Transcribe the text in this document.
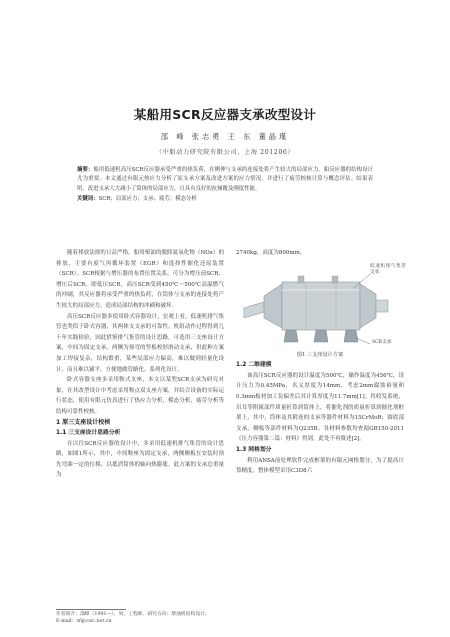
某船用SCR反应器支承改型设计
邵 峰 张志勇 王 东 董晶瑾
（中船动力研究院有限公司，上海 201206）
摘要：船用低速机高压SCR反应器承受严重的热负荷，在侧伸与支承的连接处将产生较大的局部应力。船反应器的结构设计尤为重要。本文通过有限元热应力分析了原支承方案及改进方案的应力情况。并进行了疲劳校核计算与概念评估。结果表明，改进支承大大减小了筒体的局部应力，且具有良好的抗倾覆及刚度性能。
关键词：SCR；局部应力；支承；疲劳；模态分析

随着排放法规的日益严格，船用柴油的脱除氮氧化物（NOx）的排放，主要有废气再循环装置（EGR）和选择性催化还原装置（SCR）。SCR根据与增压器的布置位置关系，可分为增压前SCR、增压后SCR。即低压SCR。高压SCR受到450℃～500℃高温燃气的冲刷，其反应器将承受严重的热负荷，在筒体与支承的连接处将产生较大的局部应力，造成局部结构的冲刷和破坏。

高压SCR反应器多使用卧式容器设计，宏观上看，低速机排气集管也类似于卧式容器，其两体支支承的可靠性。机组动作过程得到几十年实践检验，因此借鉴排气集管的设计思路，可选用三支座设计方案，中间为固定支承，两侧为预弯的竖板校形滑动支承，但此种方案加工焊接复杂，结构繁重，某些局部应力偏高，难以做到轻量化设计，而且难以铺平，方便地做管路化，系列化设计。

卧式容器支座多采用鞍式支座，本文以某型SCR支承为研究对象，在其改型设计中考虑采用鞍点双支座方案，并结合设备的实际运行状态，使用有限元仿真进行了热应力分析，模态分析，疲劳分析等结构可靠性校核。

1 原三支座设计校核

1.1 三支座设计思路分析

在以往SCR反应器的设计中，多采用低速机排气集管的设计思路，如图1所示，其中，中间鞍座为固定支承，两侧侧板在安装时预先弯曲一定的位移，以抵消筒体的轴向热膨胀。此方案的支承总重量为

2740kg，高度为800mm。

低速机排气集管支承
SCR支承

图1 三支座设计方案

1.2 二维建模

该高压SCR反应器的设计温度为500℃，操作温度为456℃，设计压力为0.45MPa，名义厚度为14mm，考虑2mm腐蚀裕量和0.3mm板材加工负偏差后其计算厚度为11.7mm[1]。将收发系统、吊耳等附属部件质量折算到筒体上，将催化剂的质量折算到催化剂框架上，其中，筒体及其附连的支承等器件材料为15CrMoR；圆底部支承、侧板等部件材料为Q235B。各材料参数均查阅GB150-2011《压力容器第二篇：材料》得到，此处不再赘述[2]。

1.3 网格划分

利用ANSA前处理软件完成框架的有限元网格划分，为了提高计算精度，整体模型采用C3D8六

作者简介：邵峰（1991—），男，工程师，研究方向：柴油机结构设计。
E-mail：sf@csic.net.cn
